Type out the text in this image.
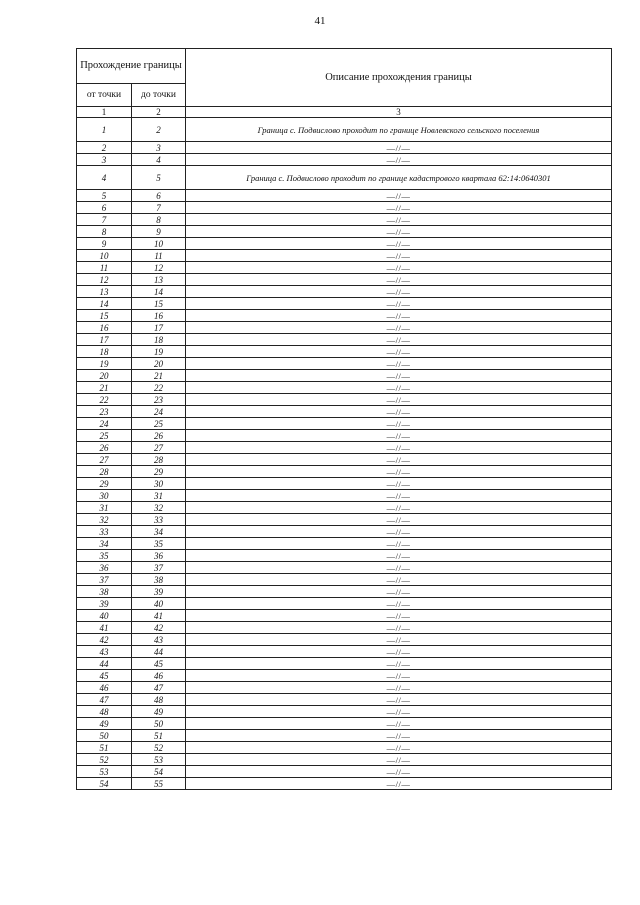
41
Прохождение границы		Описание прохождения границы
от точки	до точки	
1	2	3
1	2	Граница с. Подвислово проходит по границе Новлевского сельского поселения
2	3	—//—
3	4	—//—
4	5	Граница с. Подвислово проходит по границе кадастрового квартала 62:14:0640301
5	6	—//—
6	7	—//—
7	8	—//—
8	9	—//—
9	10	—//—
10	11	—//—
11	12	—//—
12	13	—//—
13	14	—//—
14	15	—//—
15	16	—//—
16	17	—//—
17	18	—//—
18	19	—//—
19	20	—//—
20	21	—//—
21	22	—//—
22	23	—//—
23	24	—//—
24	25	—//—
25	26	—//—
26	27	—//—
27	28	—//—
28	29	—//—
29	30	—//—
30	31	—//—
31	32	—//—
32	33	—//—
33	34	—//—
34	35	—//—
35	36	—//—
36	37	—//—
37	38	—//—
38	39	—//—
39	40	—//—
40	41	—//—
41	42	—//—
42	43	—//—
43	44	—//—
44	45	—//—
45	46	—//—
46	47	—//—
47	48	—//—
48	49	—//—
49	50	—//—
50	51	—//—
51	52	—//—
52	53	—//—
53	54	—//—
54	55	—//—
